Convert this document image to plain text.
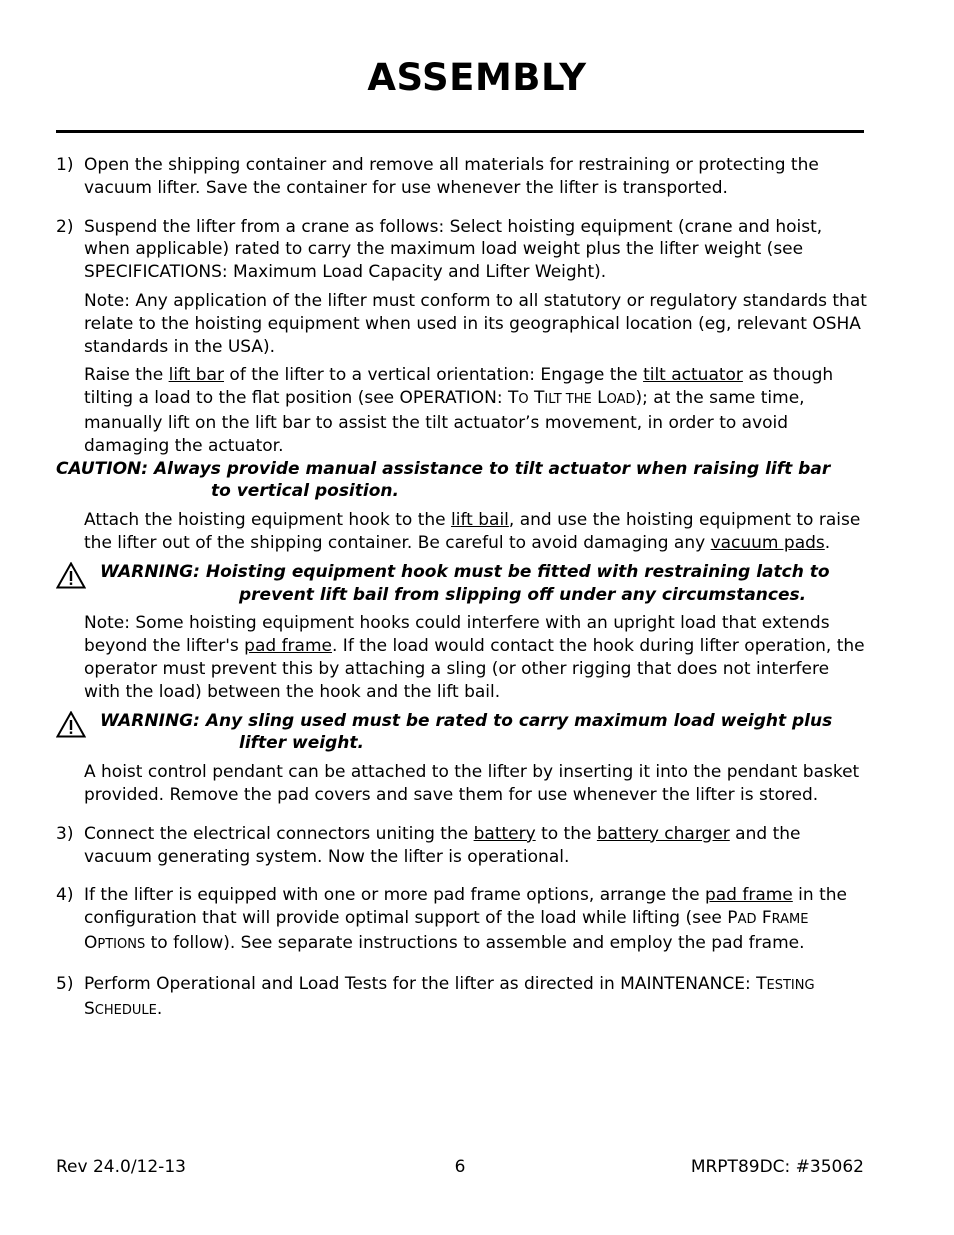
ASSEMBLY
1) Open the shipping container and remove all materials for restraining or protecting the vacuum lifter. Save the container for use whenever the lifter is transported.
2) Suspend the lifter from a crane as follows: Select hoisting equipment (crane and hoist, when applicable) rated to carry the maximum load weight plus the lifter weight (see SPECIFICATIONS: Maximum Load Capacity and Lifter Weight).

Note: Any application of the lifter must conform to all statutory or regulatory standards that relate to the hoisting equipment when used in its geographical location (eg, relevant OSHA standards in the USA).

Raise the lift bar of the lifter to a vertical orientation: Engage the tilt actuator as though tilting a load to the flat position (see OPERATION: TO TILT THE LOAD); at the same time, manually lift on the lift bar to assist the tilt actuator’s movement, in order to avoid damaging the actuator.

CAUTION: Always provide manual assistance to tilt actuator when raising lift bar
to vertical position.

Attach the hoisting equipment hook to the lift bail, and use the hoisting equipment to raise the lifter out of the shipping container. Be careful to avoid damaging any vacuum pads.

WARNING: Hoisting equipment hook must be fitted with restraining latch to
prevent lift bail from slipping off under any circumstances.

Note: Some hoisting equipment hooks could interfere with an upright load that extends beyond the lifter's pad frame. If the load would contact the hook during lifter operation, the operator must prevent this by attaching a sling (or other rigging that does not interfere with the load) between the hook and the lift bail.

WARNING: Any sling used must be rated to carry maximum load weight plus
lifter weight.

A hoist control pendant can be attached to the lifter by inserting it into the pendant basket provided. Remove the pad covers and save them for use whenever the lifter is stored.

3) Connect the electrical connectors uniting the battery to the battery charger and the vacuum generating system. Now the lifter is operational.
4) If the lifter is equipped with one or more pad frame options, arrange the pad frame in the configuration that will provide optimal support of the load while lifting (see PAD FRAME OPTIONS to follow). See separate instructions to assemble and employ the pad frame.
5) Perform Operational and Load Tests for the lifter as directed in MAINTENANCE: TESTING
SCHEDULE.
Rev 24.0/12-13	6	MRPT89DC: #35062
